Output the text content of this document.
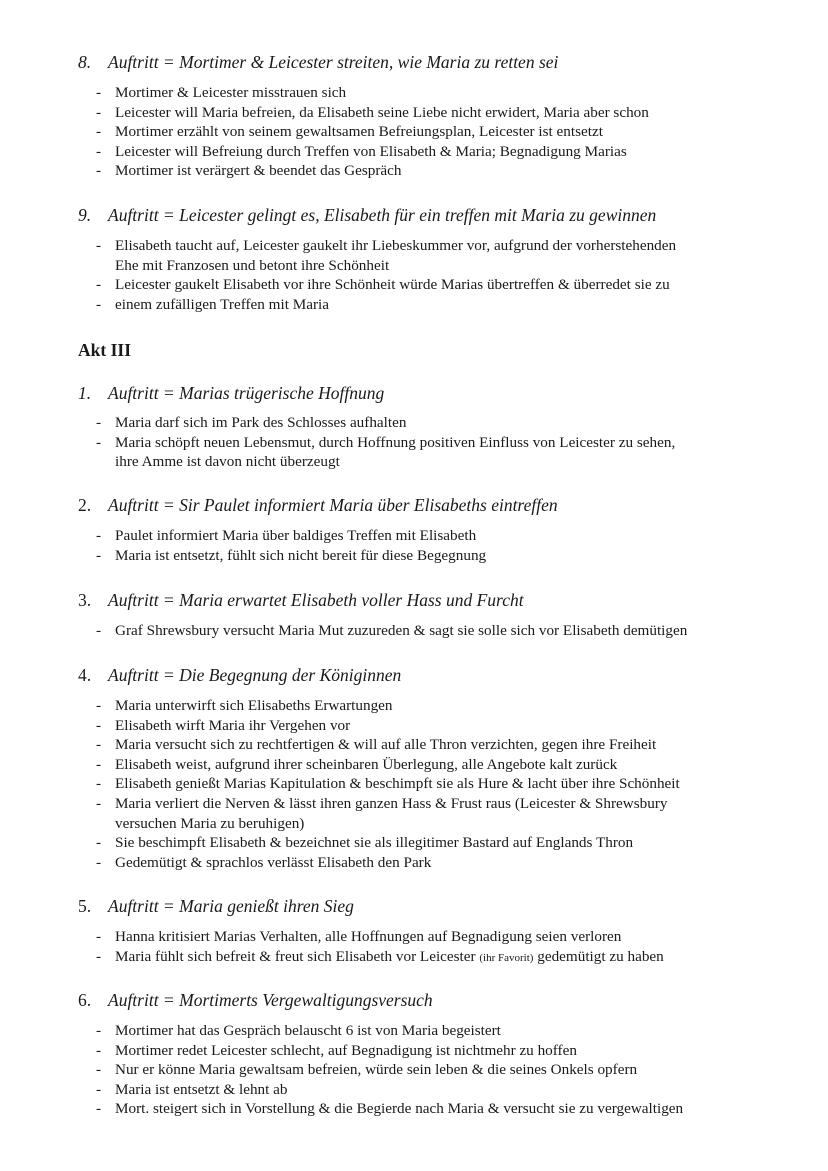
8. Auftritt = Mortimer & Leicester streiten, wie Maria zu retten sei
- Mortimer & Leicester misstrauen sich
- Leicester will Maria befreien, da Elisabeth seine Liebe nicht erwidert, Maria aber schon
- Mortimer erzählt von seinem gewaltsamen Befreiungsplan, Leicester ist entsetzt
- Leicester will Befreiung durch Treffen von Elisabeth & Maria; Begnadigung Marias
- Mortimer ist verärgert & beendet das Gespräch
9. Auftritt = Leicester gelingt es, Elisabeth für ein treffen mit Maria zu gewinnen
- Elisabeth taucht auf, Leicester gaukelt ihr Liebeskummer vor, aufgrund der vorherstehenden
Ehe mit Franzosen und betont ihre Schönheit
- Leicester gaukelt Elisabeth vor ihre Schönheit würde Marias übertreffen & überredet sie zu
- einem zufälligen Treffen mit Maria
Akt III
1. Auftritt = Marias trügerische Hoffnung
- Maria darf sich im Park des Schlosses aufhalten
- Maria schöpft neuen Lebensmut, durch Hoffnung positiven Einfluss von Leicester zu sehen,
ihre Amme ist davon nicht überzeugt
2. Auftritt = Sir Paulet informiert Maria über Elisabeths eintreffen
- Paulet informiert Maria über baldiges Treffen mit Elisabeth
- Maria ist entsetzt, fühlt sich nicht bereit für diese Begegnung
3. Auftritt = Maria erwartet Elisabeth voller Hass und Furcht
- Graf Shrewsbury versucht Maria Mut zuzureden & sagt sie solle sich vor Elisabeth demütigen
4. Auftritt = Die Begegnung der Königinnen
- Maria unterwirft sich Elisabeths Erwartungen
- Elisabeth wirft Maria ihr Vergehen vor
- Maria versucht sich zu rechtfertigen & will auf alle Thron verzichten, gegen ihre Freiheit
- Elisabeth weist, aufgrund ihrer scheinbaren Überlegung, alle Angebote kalt zurück
- Elisabeth genießt Marias Kapitulation & beschimpft sie als Hure & lacht über ihre Schönheit
- Maria verliert die Nerven & lässt ihren ganzen Hass & Frust raus (Leicester & Shrewsbury
versuchen Maria zu beruhigen)
- Sie beschimpft Elisabeth & bezeichnet sie als illegitimer Bastard auf Englands Thron
- Gedemütigt & sprachlos verlässt Elisabeth den Park
5. Auftritt = Maria genießt ihren Sieg
- Hanna kritisiert Marias Verhalten, alle Hoffnungen auf Begnadigung seien verloren
- Maria fühlt sich befreit & freut sich Elisabeth vor Leicester (ihr Favorit) gedemütigt zu haben
6. Auftritt = Mortimerts Vergewaltigungsversuch
- Mortimer hat das Gespräch belauscht 6 ist von Maria begeistert
- Mortimer redet Leicester schlecht, auf Begnadigung ist nichtmehr zu hoffen
- Nur er könne Maria gewaltsam befreien, würde sein leben & die seines Onkels opfern
- Maria ist entsetzt & lehnt ab
- Mort. steigert sich in Vorstellung & die Begierde nach Maria & versucht sie zu vergewaltigen
